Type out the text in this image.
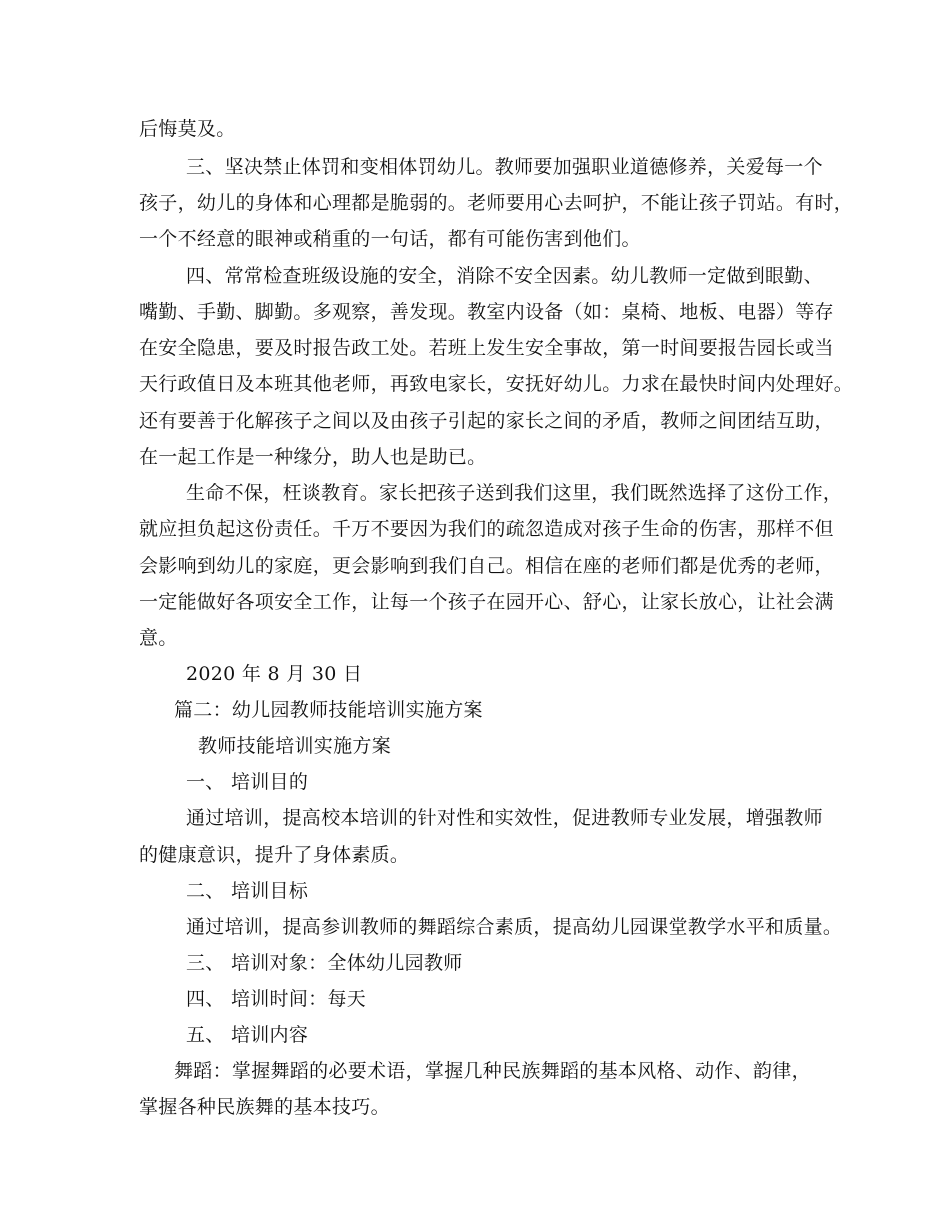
后悔莫及。
三、坚决禁止体罚和变相体罚幼儿。教师要加强职业道德修养，关爱每一个
孩子，幼儿的身体和心理都是脆弱的。老师要用心去呵护，不能让孩子罚站。有时，
一个不经意的眼神或稍重的一句话，都有可能伤害到他们。
四、常常检查班级设施的安全，消除不安全因素。幼儿教师一定做到眼勤、
嘴勤、手勤、脚勤。多观察，善发现。教室内设备（如：桌椅、地板、电器）等存
在安全隐患，要及时报告政工处。若班上发生安全事故，第一时间要报告园长或当
天行政值日及本班其他老师，再致电家长，安抚好幼儿。力求在最快时间内处理好。
还有要善于化解孩子之间以及由孩子引起的家长之间的矛盾，教师之间团结互助，
在一起工作是一种缘分，助人也是助已。
生命不保，枉谈教育。家长把孩子送到我们这里，我们既然选择了这份工作，
就应担负起这份责任。千万不要因为我们的疏忽造成对孩子生命的伤害，那样不但
会影响到幼儿的家庭，更会影响到我们自己。相信在座的老师们都是优秀的老师，
一定能做好各项安全工作，让每一个孩子在园开心、舒心，让家长放心，让社会满
意。
2020 年 8 月 30 日
篇二：幼儿园教师技能培训实施方案
教师技能培训实施方案
一、 培训目的
通过培训，提高校本培训的针对性和实效性，促进教师专业发展，增强教师
的健康意识，提升了身体素质。
二、 培训目标
通过培训，提高参训教师的舞蹈综合素质，提高幼儿园课堂教学水平和质量。
三、 培训对象：全体幼儿园教师
四、 培训时间：每天
五、 培训内容
舞蹈：掌握舞蹈的必要术语，掌握几种民族舞蹈的基本风格、动作、韵律，
掌握各种民族舞的基本技巧。
